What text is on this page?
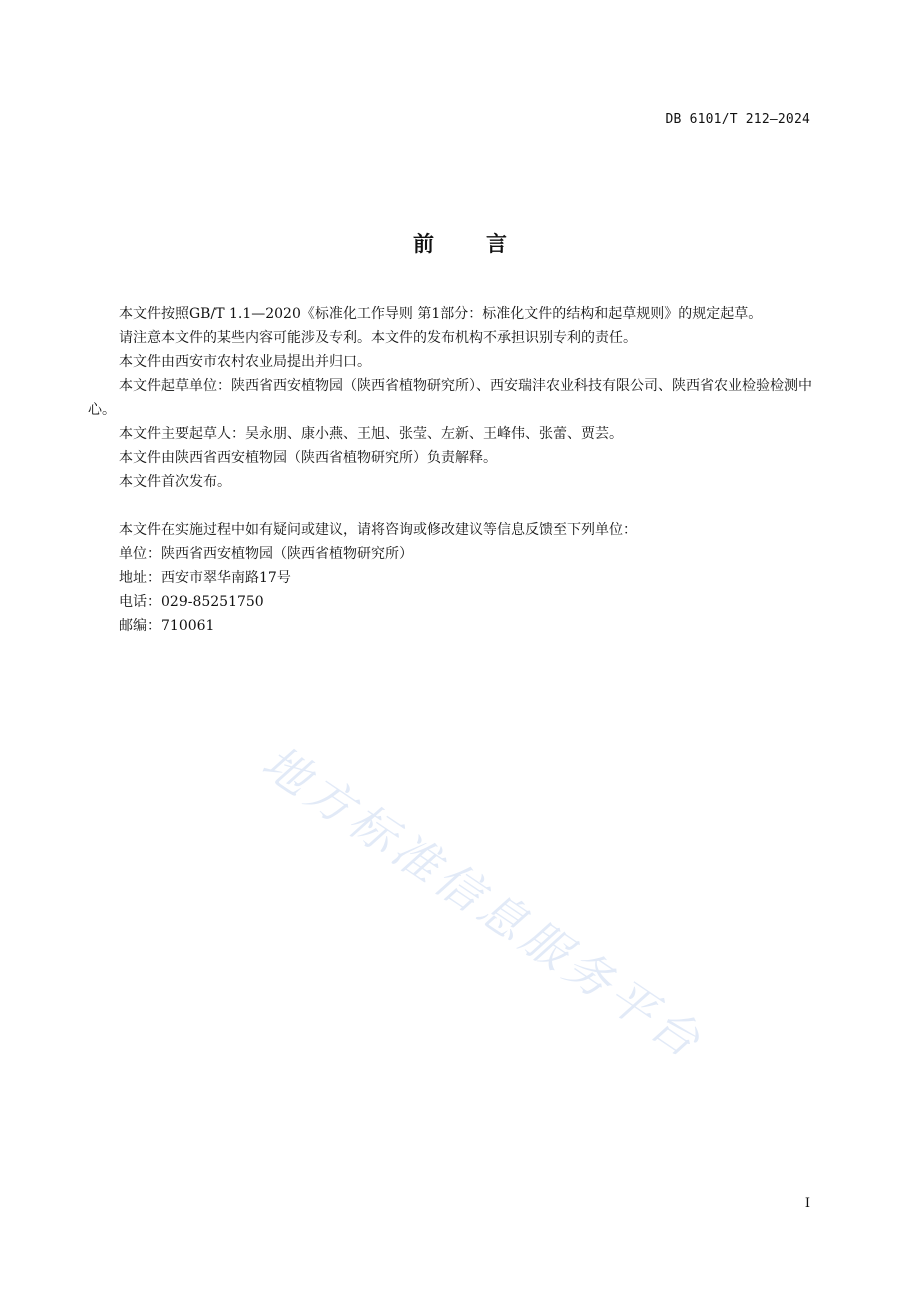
DB 6101/T 212—2024
前言

本文件按照GB/T 1.1—2020《标准化工作导则 第1部分：标准化文件的结构和起草规则》的规定起草。

请注意本文件的某些内容可能涉及专利。本文件的发布机构不承担识别专利的责任。

本文件由西安市农村农业局提出并归口。

本文件起草单位：陕西省西安植物园（陕西省植物研究所）、西安瑞沣农业科技有限公司、陕西省农业检验检测中心。

本文件主要起草人：吴永朋、康小燕、王旭、张莹、左新、王峰伟、张蕾、贾芸。

本文件由陕西省西安植物园（陕西省植物研究所）负责解释。

本文件首次发布。

本文件在实施过程中如有疑问或建议，请将咨询或修改建议等信息反馈至下列单位：

单位：陕西省西安植物园（陕西省植物研究所）

地址：西安市翠华南路17号

电话：029-85251750

邮编：710061

地方标准信息服务平台
I
